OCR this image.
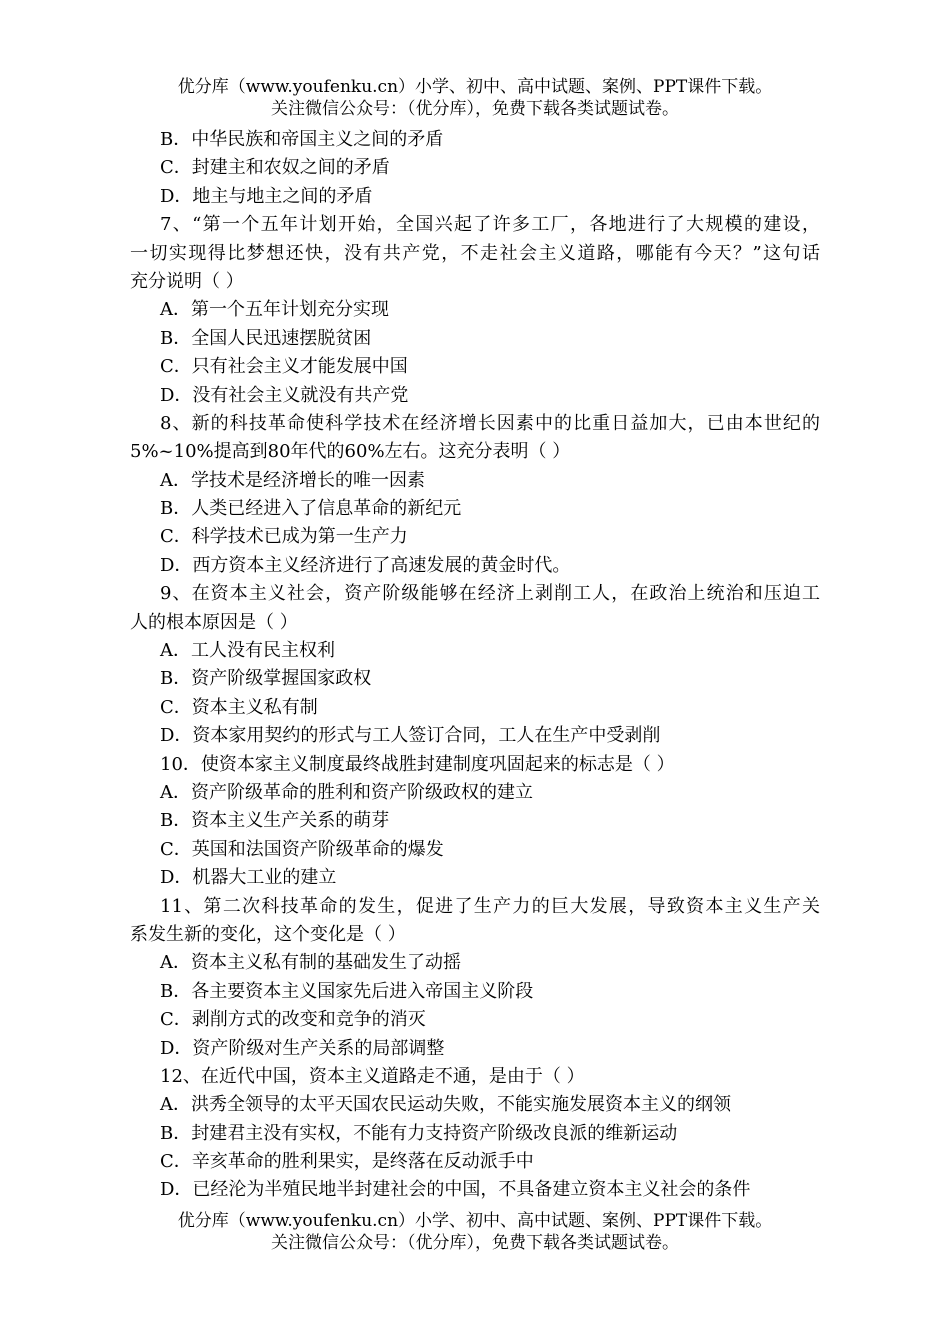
优分库（www.youfenku.cn）小学、初中、高中试题、案例、PPT课件下载。
关注微信公众号：（优分库），免费下载各类试题试卷。
B．中华民族和帝国主义之间的矛盾
C．封建主和农奴之间的矛盾
D．地主与地主之间的矛盾
7、“第一个五年计划开始，全国兴起了许多工厂，各地进行了大规模的建设，
一切实现得比梦想还快，没有共产党，不走社会主义道路，哪能有今天？”这句话
充分说明（ ）
A．第一个五年计划充分实现
B．全国人民迅速摆脱贫困
C．只有社会主义才能发展中国
D．没有社会主义就没有共产党
8、新的科技革命使科学技术在经济增长因素中的比重日益加大，已由本世纪的
5%~10%提高到80年代的60%左右。这充分表明（ ）
A．学技术是经济增长的唯一因素
B．人类已经进入了信息革命的新纪元
C．科学技术已成为第一生产力
D．西方资本主义经济进行了高速发展的黄金时代。
9、在资本主义社会，资产阶级能够在经济上剥削工人，在政治上统治和压迫工
人的根本原因是（ ）
A．工人没有民主权利
B．资产阶级掌握国家政权
C．资本主义私有制
D．资本家用契约的形式与工人签订合同，工人在生产中受剥削
10．使资本家主义制度最终战胜封建制度巩固起来的标志是（ ）
A．资产阶级革命的胜利和资产阶级政权的建立
B．资本主义生产关系的萌芽
C．英国和法国资产阶级革命的爆发
D．机器大工业的建立
11、第二次科技革命的发生，促进了生产力的巨大发展，导致资本主义生产关
系发生新的变化，这个变化是（ ）
A．资本主义私有制的基础发生了动摇
B．各主要资本主义国家先后进入帝国主义阶段
C．剥削方式的改变和竞争的消灭
D．资产阶级对生产关系的局部调整
12、在近代中国，资本主义道路走不通，是由于（ ）
A．洪秀全领导的太平天国农民运动失败，不能实施发展资本主义的纲领
B．封建君主没有实权，不能有力支持资产阶级改良派的维新运动
C．辛亥革命的胜利果实，是终落在反动派手中
D．已经沦为半殖民地半封建社会的中国，不具备建立资本主义社会的条件
优分库（www.youfenku.cn）小学、初中、高中试题、案例、PPT课件下载。
关注微信公众号：（优分库），免费下载各类试题试卷。
